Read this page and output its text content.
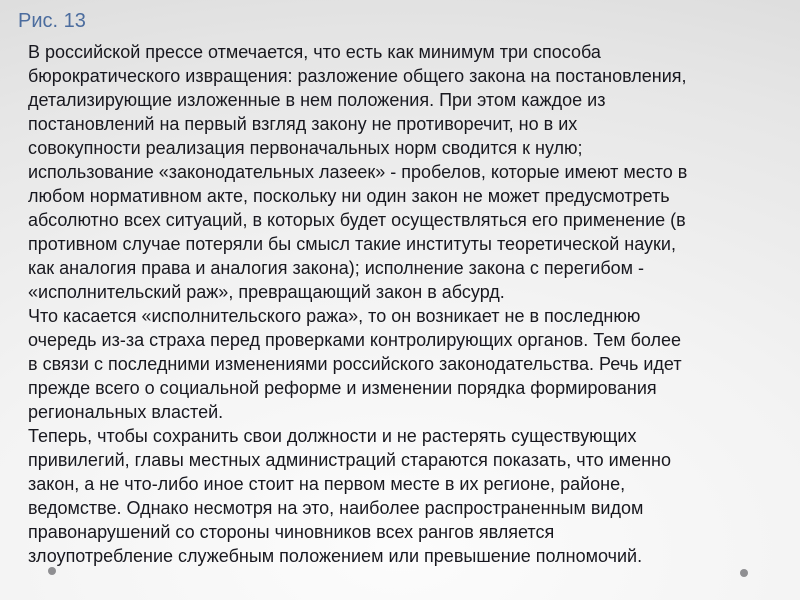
Рис. 13
В российской прессе отмечается, что есть как минимум три способа
бюрократического извращения: разложение общего закона на постановления,
детализирующие изложенные в нем положения. При этом каждое из
постановлений на первый взгляд закону не противоречит, но в их
совокупности реализация первоначальных норм сводится к нулю;
использование «законодательных лазеек» - пробелов, которые имеют место в
любом нормативном акте, поскольку ни один закон не может предусмотреть
абсолютно всех ситуаций, в которых будет осуществляться его применение (в
противном случае потеряли бы смысл такие институты теоретической науки,
как аналогия права и аналогия закона); исполнение закона с перегибом -
«исполнительский раж», превращающий закон в абсурд.
Что касается «исполнительского ража», то он возникает не в последнюю
очередь из-за страха перед проверками контролирующих органов. Тем более
в связи с последними изменениями российского законодательства. Речь идет
прежде всего о социальной реформе и изменении порядка формирования
региональных властей.
Теперь, чтобы сохранить свои должности и не растерять существующих
привилегий, главы местных администраций стараются показать, что именно
закон, а не что-либо иное стоит на первом месте в их регионе, районе,
ведомстве. Однако несмотря на это, наиболее распространенным видом
правонарушений со стороны чиновников всех рангов является
злоупотребление служебным положением или превышение полномочий.
